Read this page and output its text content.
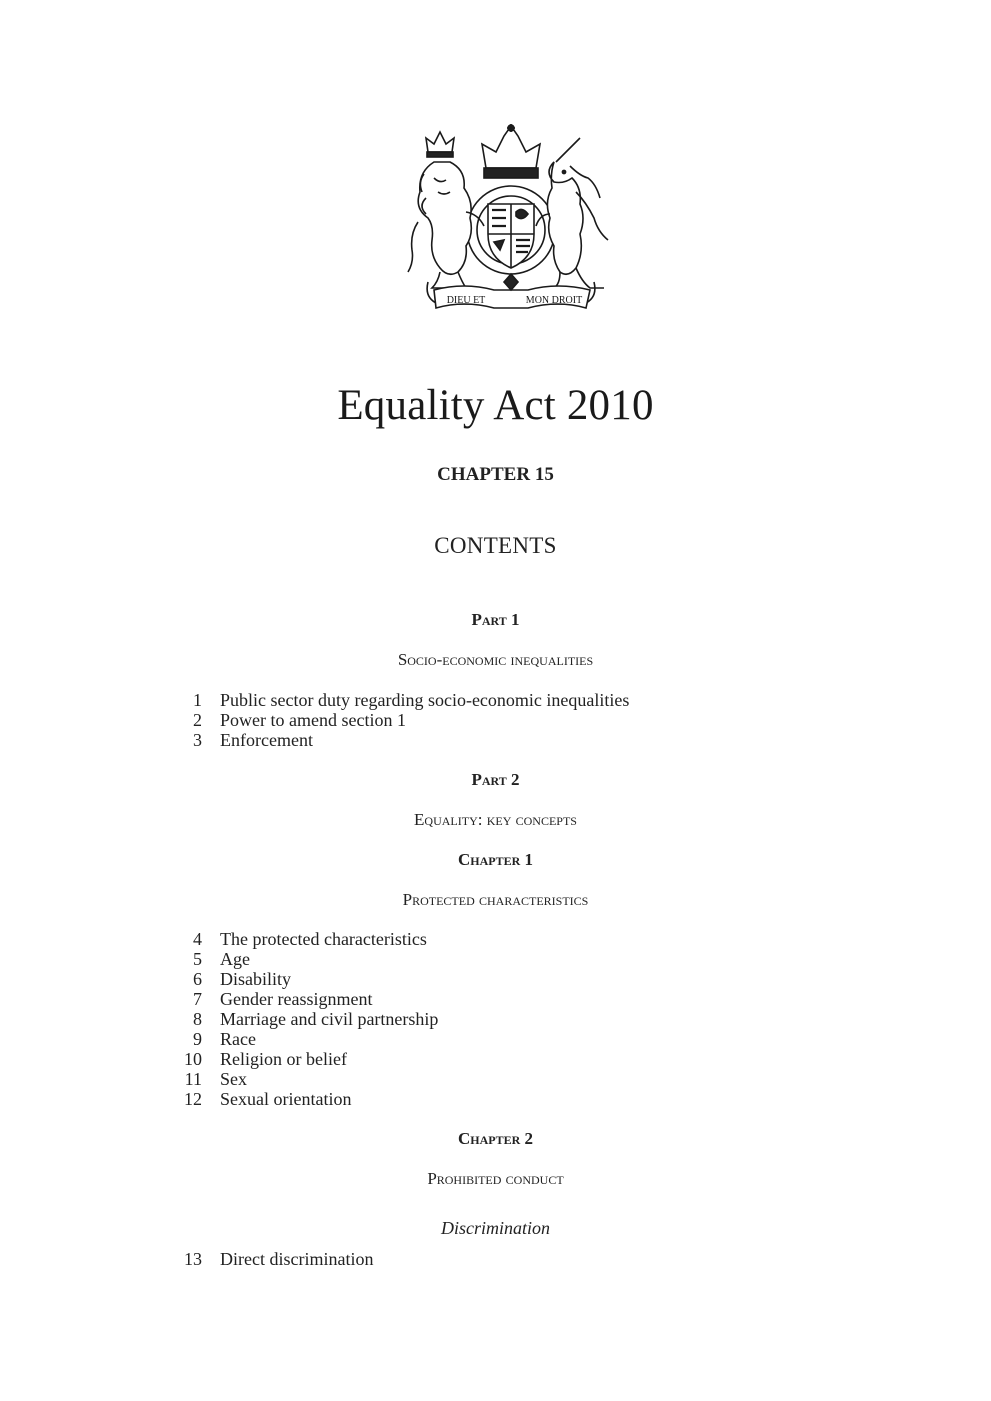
DIEU ET	MON DROIT
Equality Act 2010
CHAPTER 15
CONTENTS
Part 1
Socio-economic inequalities
1 Public sector duty regarding socio-economic inequalities
2 Power to amend section 1
3 Enforcement
Part 2
Equality: key concepts
Chapter 1
Protected characteristics
4 The protected characteristics
5 Age
6 Disability
7 Gender reassignment
8 Marriage and civil partnership
9 Race
10 Religion or belief
11 Sex
12 Sexual orientation
Chapter 2
Prohibited conduct
Discrimination
13 Direct discrimination
